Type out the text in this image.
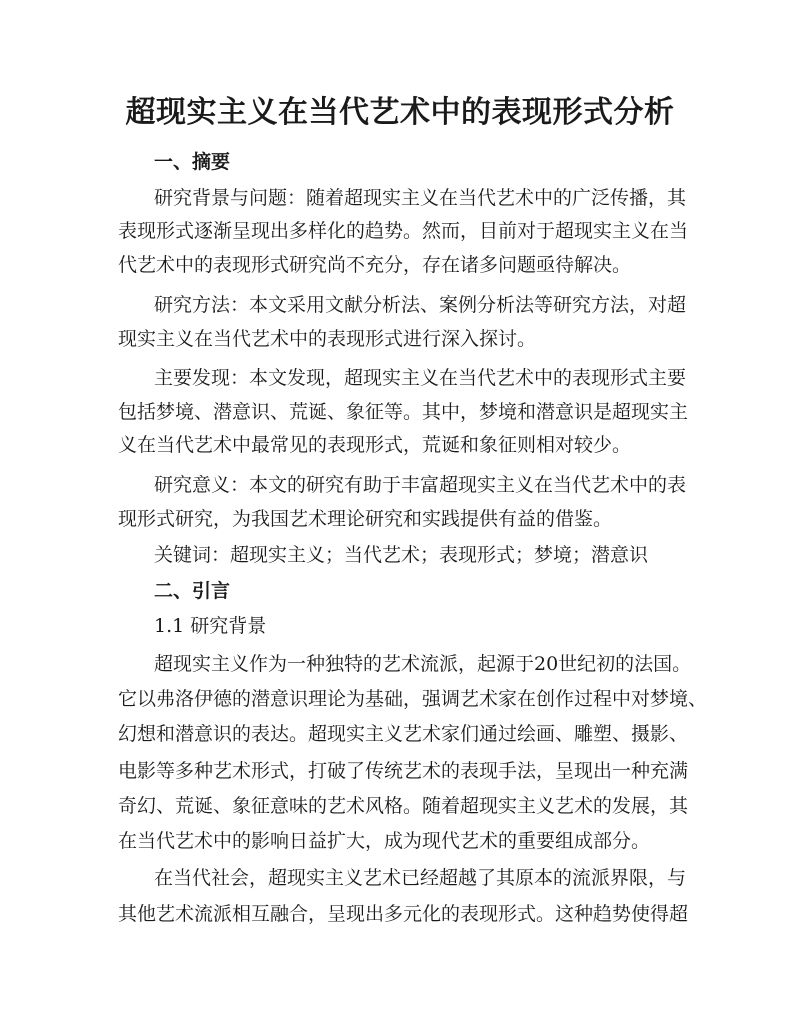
超现实主义在当代艺术中的表现形式分析
一、摘要
研究背景与问题：随着超现实主义在当代艺术中的广泛传播，其
表现形式逐渐呈现出多样化的趋势。然而，目前对于超现实主义在当
代艺术中的表现形式研究尚不充分，存在诸多问题亟待解决。
研究方法：本文采用文献分析法、案例分析法等研究方法，对超
现实主义在当代艺术中的表现形式进行深入探讨。
主要发现：本文发现，超现实主义在当代艺术中的表现形式主要
包括梦境、潜意识、荒诞、象征等。其中，梦境和潜意识是超现实主
义在当代艺术中最常见的表现形式，荒诞和象征则相对较少。
研究意义：本文的研究有助于丰富超现实主义在当代艺术中的表
现形式研究，为我国艺术理论研究和实践提供有益的借鉴。
关键词：超现实主义；当代艺术；表现形式；梦境；潜意识
二、引言
1.1 研究背景
超现实主义作为一种独特的艺术流派，起源于20世纪初的法国。
它以弗洛伊德的潜意识理论为基础，强调艺术家在创作过程中对梦境、
幻想和潜意识的表达。超现实主义艺术家们通过绘画、雕塑、摄影、
电影等多种艺术形式，打破了传统艺术的表现手法，呈现出一种充满
奇幻、荒诞、象征意味的艺术风格。随着超现实主义艺术的发展，其
在当代艺术中的影响日益扩大，成为现代艺术的重要组成部分。
在当代社会，超现实主义艺术已经超越了其原本的流派界限，与
其他艺术流派相互融合，呈现出多元化的表现形式。这种趋势使得超
